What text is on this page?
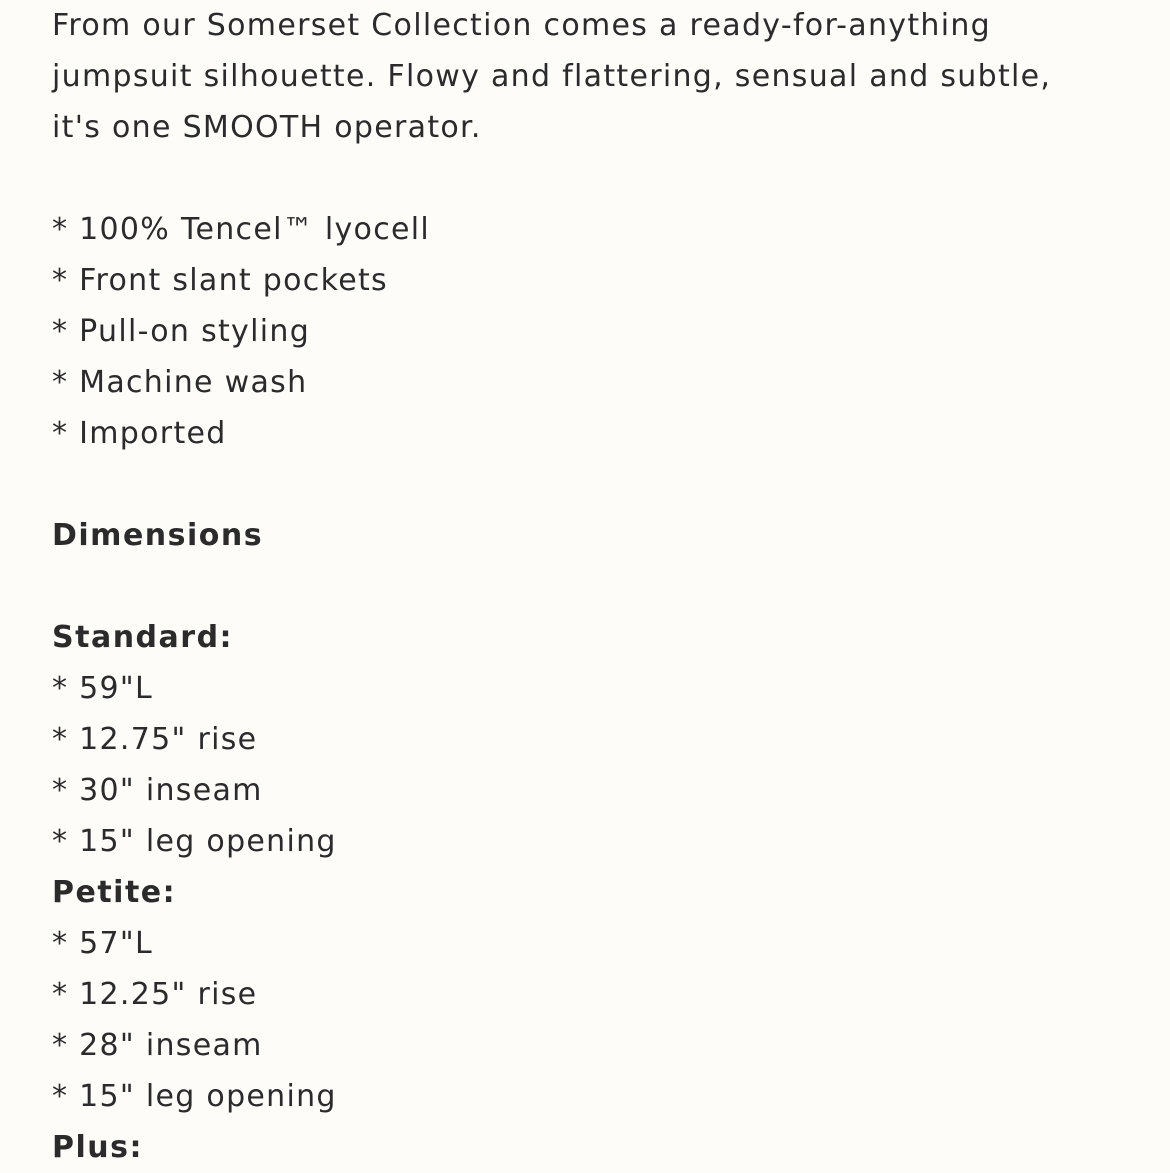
From our Somerset Collection comes a ready-for-anything
jumpsuit silhouette. Flowy and flattering, sensual and subtle,
it's one SMOOTH operator.
* 100% Tencel™ lyocell
* Front slant pockets
* Pull-on styling
* Machine wash
* Imported
Dimensions
Standard:
* 59"L
* 12.75" rise
* 30" inseam
* 15" leg opening
Petite:
* 57"L
* 12.25" rise
* 28" inseam
* 15" leg opening
Plus:
